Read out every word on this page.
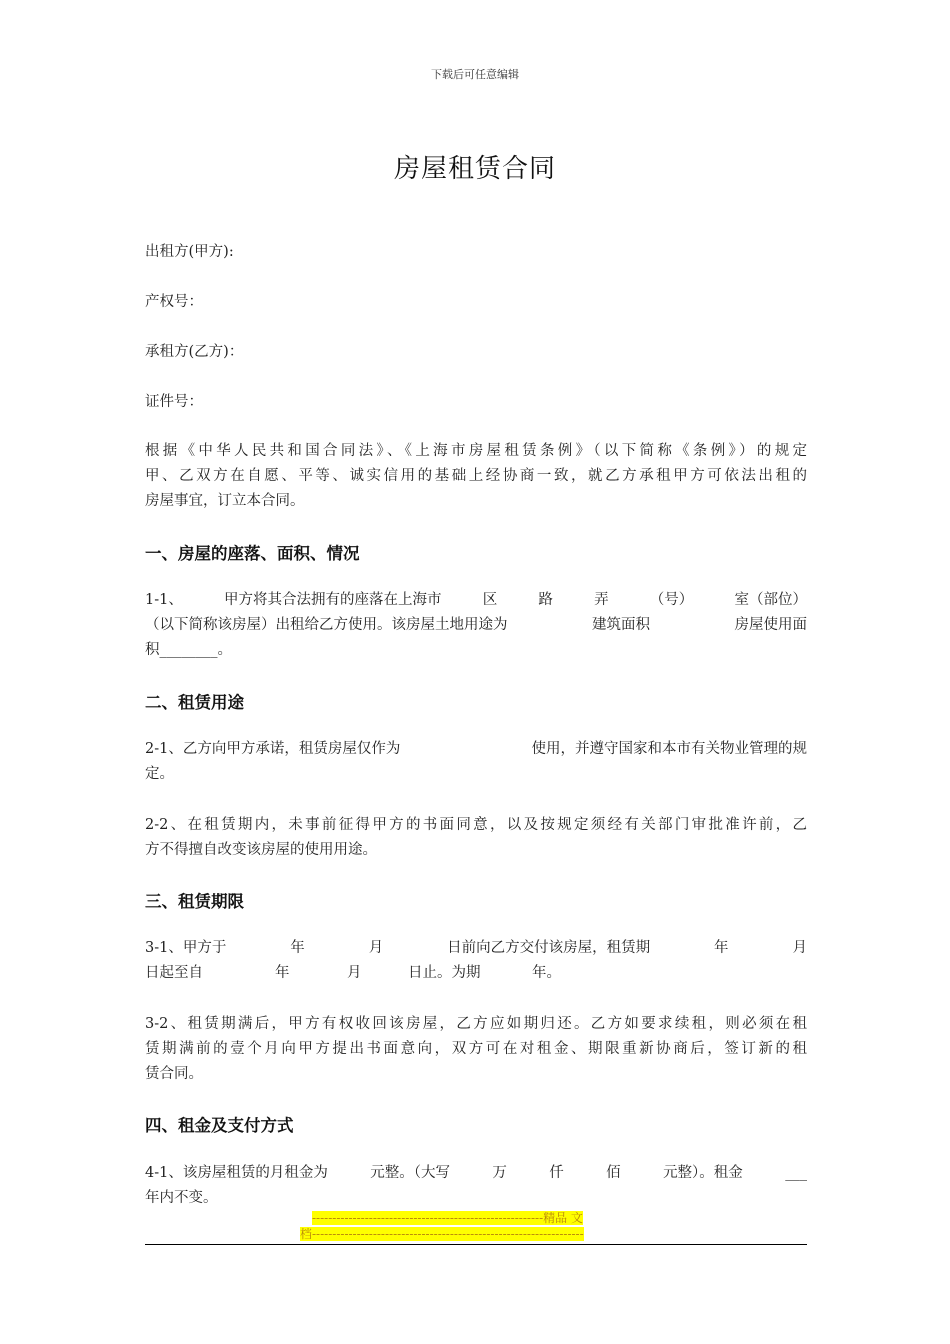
下载后可任意编辑
房屋租赁合同
出租方(甲方):
产权号：
承租方(乙方)：
证件号：
根据《中华人民共和国合同法》、《上海市房屋租赁条例》（以下简称《条例》）的规定
甲、乙双方在自愿、平等、诚实信用的基础上经协商一致，就乙方承租甲方可依法出租的
房屋事宜，订立本合同。
一、房屋的座落、面积、情况
1-1、	甲方将其合法拥有的座落在上海市	区	路	弄	（号）	室（部位）
（以下简称该房屋）出租给乙方使用。该房屋土地用途为	建筑面积	房屋使用面
积________。
二、租赁用途
2-1、乙方向甲方承诺，租赁房屋仅作为	使用，并遵守国家和本市有关物业管理的规
定。
2-2、在租赁期内，未事前征得甲方的书面同意，以及按规定须经有关部门审批准许前，乙
方不得擅自改变该房屋的使用用途。
三、租赁期限
3-1、甲方于	年	月	日前向乙方交付该房屋，租赁期	年	月
日起至自	年	月	日止。为期	年。
3-2、租赁期满后，甲方有权收回该房屋，乙方应如期归还。乙方如要求续租，则必须在租
赁期满前的壹个月向甲方提出书面意向，双方可在对租金、期限重新协商后，签订新的租
赁合同。
四、租金及支付方式
4-1、该房屋租赁的月租金为	元整。（大写	万	仟	佰	元整）。租金	___
年内不变。
---------------------------------------------------------精品 文
档-------------------------------------------------------------------
